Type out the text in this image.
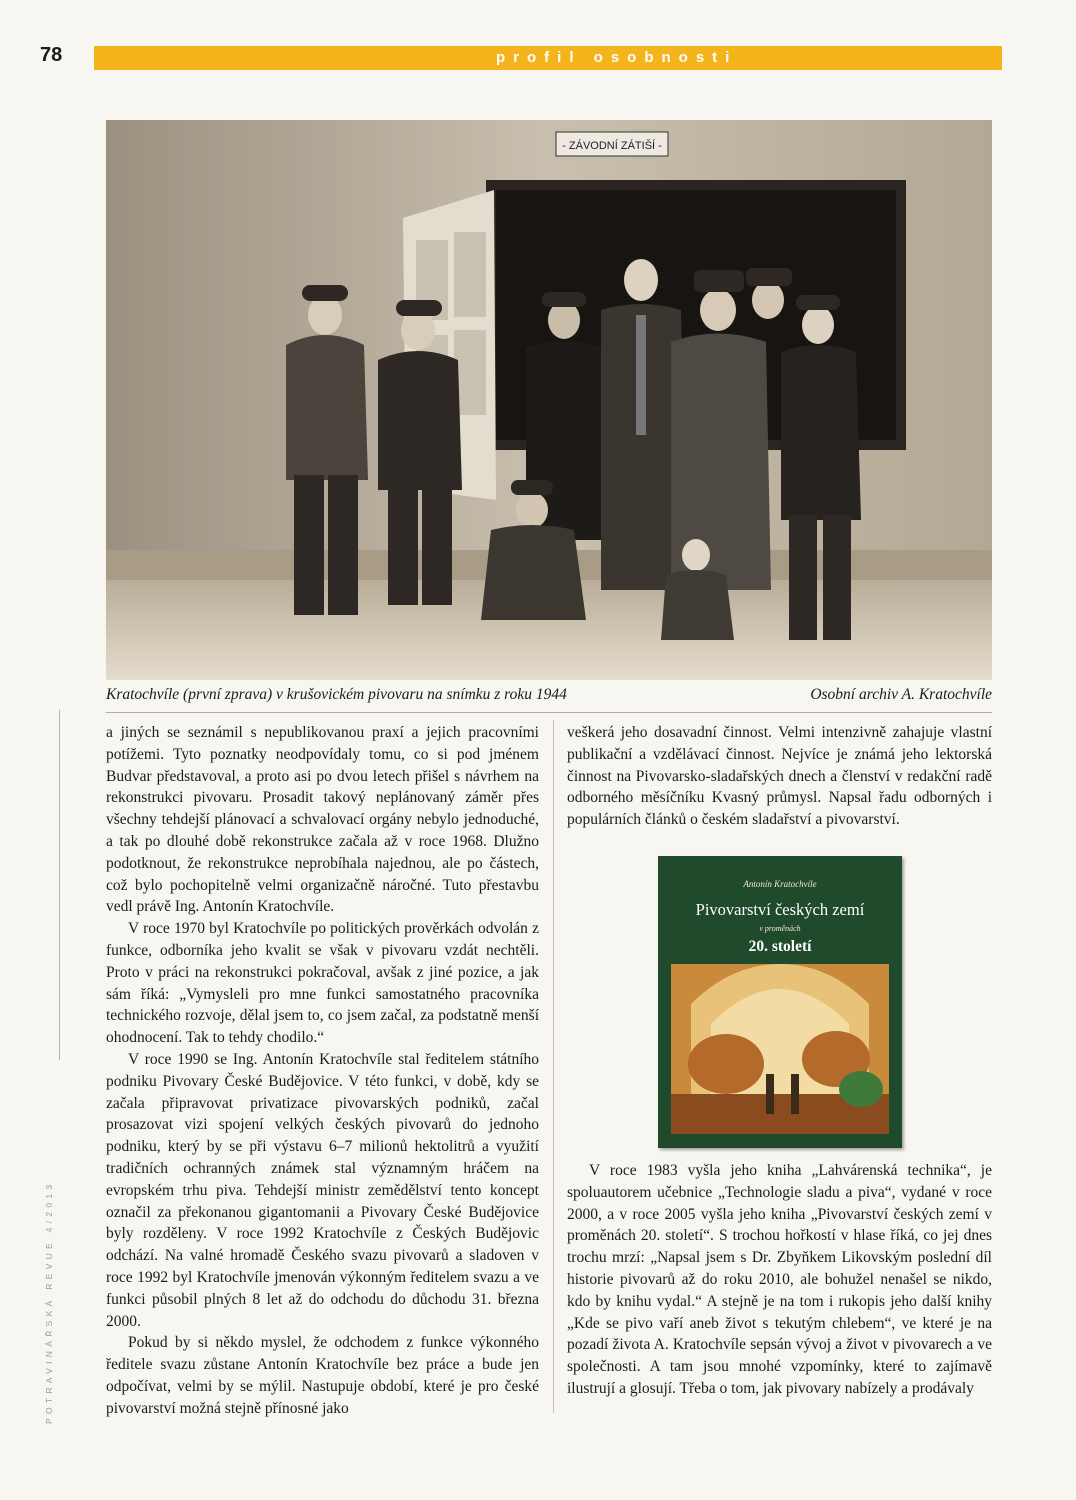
78	profil osobnosti
POTRAVINÁŘSKÁ REVUE 4/2013
- ZÁVODNÍ ZÁTIŠÍ -
Kratochvíle (první zprava) v krušovickém pivovaru na snímku z roku 1944	Osobní archiv A. Kratochvíle

a jiných se seznámil s nepublikovanou praxí a jejich pracovními potížemi. Tyto poznatky neodpovídaly tomu, co si pod jménem Budvar představoval, a proto asi po dvou letech přišel s návrhem na rekonstrukci pivovaru. Prosadit takový neplánovaný záměr přes všechny tehdejší plánovací a schvalovací orgány nebylo jednoduché, a tak po dlouhé době rekonstrukce začala až v roce 1968. Dlužno podotknout, že rekonstrukce neprobíhala najednou, ale po částech, což bylo pochopitelně velmi organizačně náročné. Tuto přestavbu vedl právě Ing. Antonín Kratochvíle.

V roce 1970 byl Kratochvíle po politických prověrkách odvolán z funkce, odborníka jeho kvalit se však v pivovaru vzdát nechtěli. Proto v práci na rekonstrukci pokračoval, avšak z jiné pozice, a jak sám říká: „Vymysleli pro mne funkci samostatného pracovníka technického rozvoje, dělal jsem to, co jsem začal, za podstatně menší ohodnocení. Tak to tehdy chodilo.“

V roce 1990 se Ing. Antonín Kratochvíle stal ředitelem státního podniku Pivovary České Budějovice. V této funkci, v době, kdy se začala připravovat privatizace pivovarských podniků, začal prosazovat vizi spojení velkých českých pivovarů do jednoho podniku, který by se při výstavu 6–7 milionů hektolitrů a využití tradičních ochranných známek stal významným hráčem na evropském trhu piva. Tehdejší ministr zemědělství tento koncept označil za překonanou gigantomanii a Pivovary České Budějovice byly rozděleny. V roce 1992 Kratochvíle z Českých Budějovic odchází. Na valné hromadě Českého svazu pivovarů a sladoven v roce 1992 byl Kratochvíle jmenován výkonným ředitelem svazu a ve funkci působil plných 8 let až do odchodu do důchodu 31. března 2000.

Pokud by si někdo myslel, že odchodem z funkce výkonného ředitele svazu zůstane Antonín Kratochvíle bez práce a bude jen odpočívat, velmi by se mýlil. Nastupuje období, které je pro české pivovarství možná stejně přínosné jako

veškerá jeho dosavadní činnost. Velmi intenzivně zahajuje vlastní publikační a vzdělávací činnost. Nejvíce je známá jeho lektorská činnost na Pivovarsko-sladařských dnech a členství v redakční radě odborného měsíčníku Kvasný průmysl. Napsal řadu odborných i populárních článků o českém sladařství a pivovarství.

Antonín Kratochvíle
Pivovarství českých zemí
v proměnách
20. století

V roce 1983 vyšla jeho kniha „Lahvárenská technika“, je spoluautorem učebnice „Technologie sladu a piva“, vydané v roce 2000, a v roce 2005 vyšla jeho kniha „Pivovarství českých zemí v proměnách 20. století“. S trochou hořkostí v hlase říká, co jej dnes trochu mrzí: „Napsal jsem s Dr. Zbyňkem Likovským poslední díl historie pivovarů až do roku 2010, ale bohužel nenašel se nikdo, kdo by knihu vydal.“ A stejně je na tom i rukopis jeho další knihy „Kde se pivo vaří aneb život s tekutým chlebem“, ve které je na pozadí života A. Kratochvíle sepsán vývoj a život v pivovarech a ve společnosti. A tam jsou mnohé vzpomínky, které to zajímavě ilustrují a glosují. Třeba o tom, jak pivovary nabízely a prodávaly
